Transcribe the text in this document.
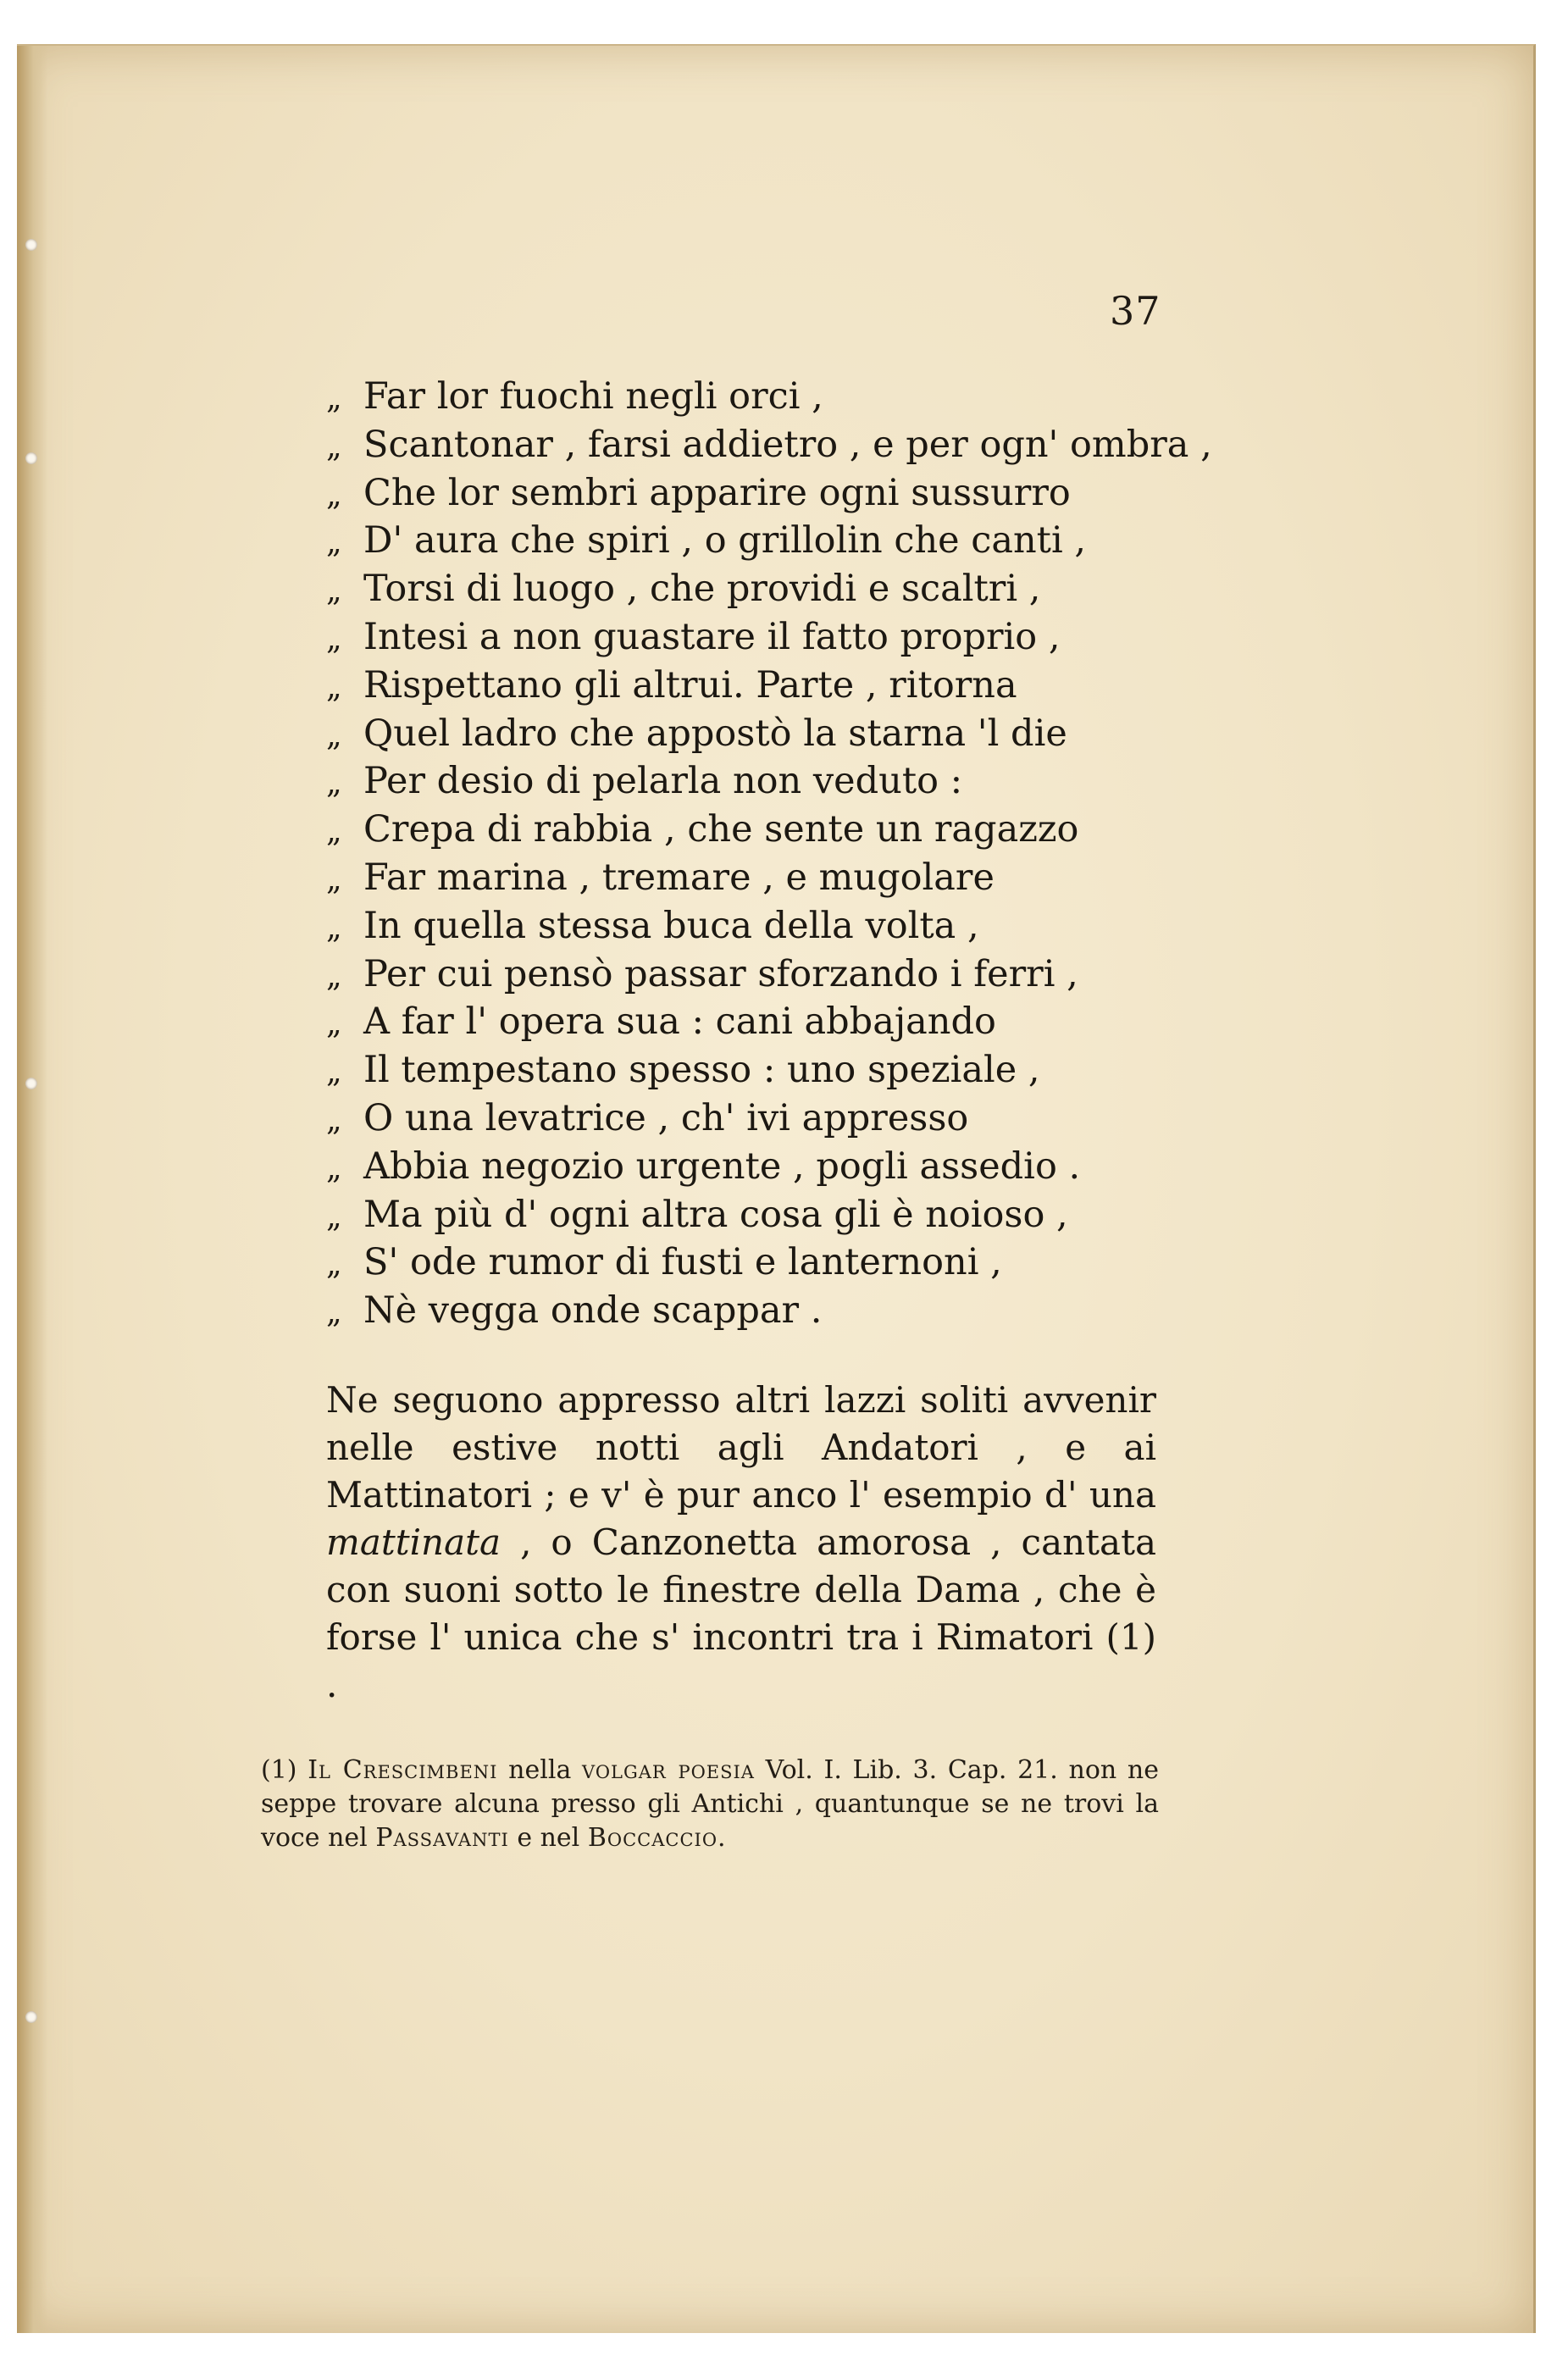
37
„ Far lor fuochi negli orci ,
„ Scantonar , farsi addietro , e per ogn' ombra ,
„ Che lor sembri apparire ogni sussurro
„ D' aura che spiri , o grillolin che canti ,
„ Torsi di luogo , che providi e scaltri ,
„ Intesi a non guastare il fatto proprio ,
„ Rispettano gli altrui. Parte , ritorna
„ Quel ladro che appostò la starna 'l die
„ Per desio di pelarla non veduto :
„ Crepa di rabbia , che sente un ragazzo
„ Far marina , tremare , e mugolare
„ In quella stessa buca della volta ,
„ Per cui pensò passar sforzando i ferri ,
„ A far l' opera sua : cani abbajando
„ Il tempestano spesso : uno speziale ,
„ O una levatrice , ch' ivi appresso
„ Abbia negozio urgente , pogli assedio .
„ Ma più d' ogni altra cosa gli è noioso ,
„ S' ode rumor di fusti e lanternoni ,
„ Nè vegga onde scappar .

Ne seguono appresso altri lazzi soliti avvenir nelle estive notti agli Andatori , e ai Mattinatori ; e v' è pur anco l' esempio d' una mattinata , o Canzonetta amorosa , cantata con suoni sotto le finestre della Dama , che è forse l' unica che s' incontri tra i Rimatori (1) .

(1) Il Crescimbeni nella volgar poesia Vol. I. Lib. 3. Cap. 21. non ne seppe trovare alcuna presso gli Antichi , quantunque se ne trovi la voce nel Passavanti e nel Boccaccio.
